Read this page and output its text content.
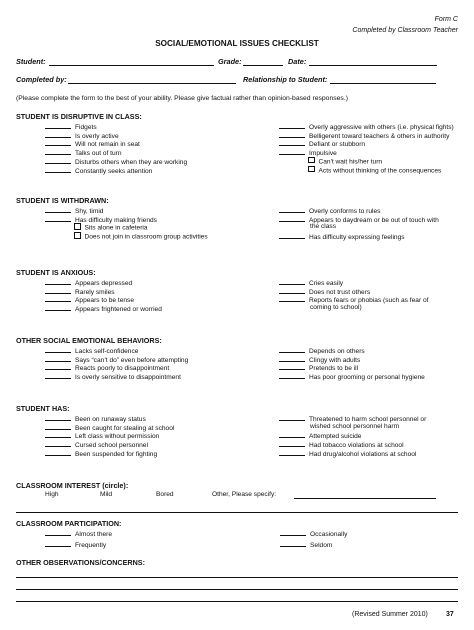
Form C
Completed by Classroom Teacher
SOCIAL/EMOTIONAL ISSUES CHECKLIST
Student:	Grade:	Date:
Completed by:	Relationship to Student:
(Please complete the form to the best of your ability. Please give factual rather than opinion-based responses.)
STUDENT IS DISRUPTIVE IN CLASS:
Fidgets
Is overly active
Will not remain in seat
Talks out of turn
Disturbs others when they are working
Constantly seeks attention
Overly aggressive with others (i.e. physical fights)
Belligerent toward teachers & others in authority
Defiant or stubborn
Impulsive
Can't wait his/her turn
Acts without thinking of the consequences
STUDENT IS WITHDRAWN:
Shy, timid
Has difficulty making friends
Sits alone in cafeteria
Does not join in classroom group activities
Overly conforms to rules
Appears to daydream or be out of touch with
the class
Has difficulty expressing feelings
STUDENT IS ANXIOUS:
Appears depressed
Rarely smiles
Appears to be tense
Appears frightened or worried
Cries easily
Does not trust others
Reports fears or phobias (such as fear of
coming to school)
OTHER SOCIAL EMOTIONAL BEHAVIORS:
Lacks self-confidence
Says “can’t do” even before attempting
Reacts poorly to disappointment
Is overly sensitive to disappointment
Depends on others
Clingy with adults
Pretends to be ill
Has poor grooming or personal hygiene
STUDENT HAS:
Been on runaway status
Been caught for stealing at school
Left class without permission
Cursed school personnel
Been suspended for fighting
Threatened to harm school personnel or
wished school personnel harm
Attempted suicide
Had tobacco violations at school
Had drug/alcohol violations at school
CLASSROOM INTEREST (circle):
High	Mild	Bored	Other, Please specify:
CLASSROOM PARTICIPATION:
Almost there
Frequently
Occasionally
Seldom
OTHER OBSERVATIONS/CONCERNS:
(Revised Summer 2010)	37
